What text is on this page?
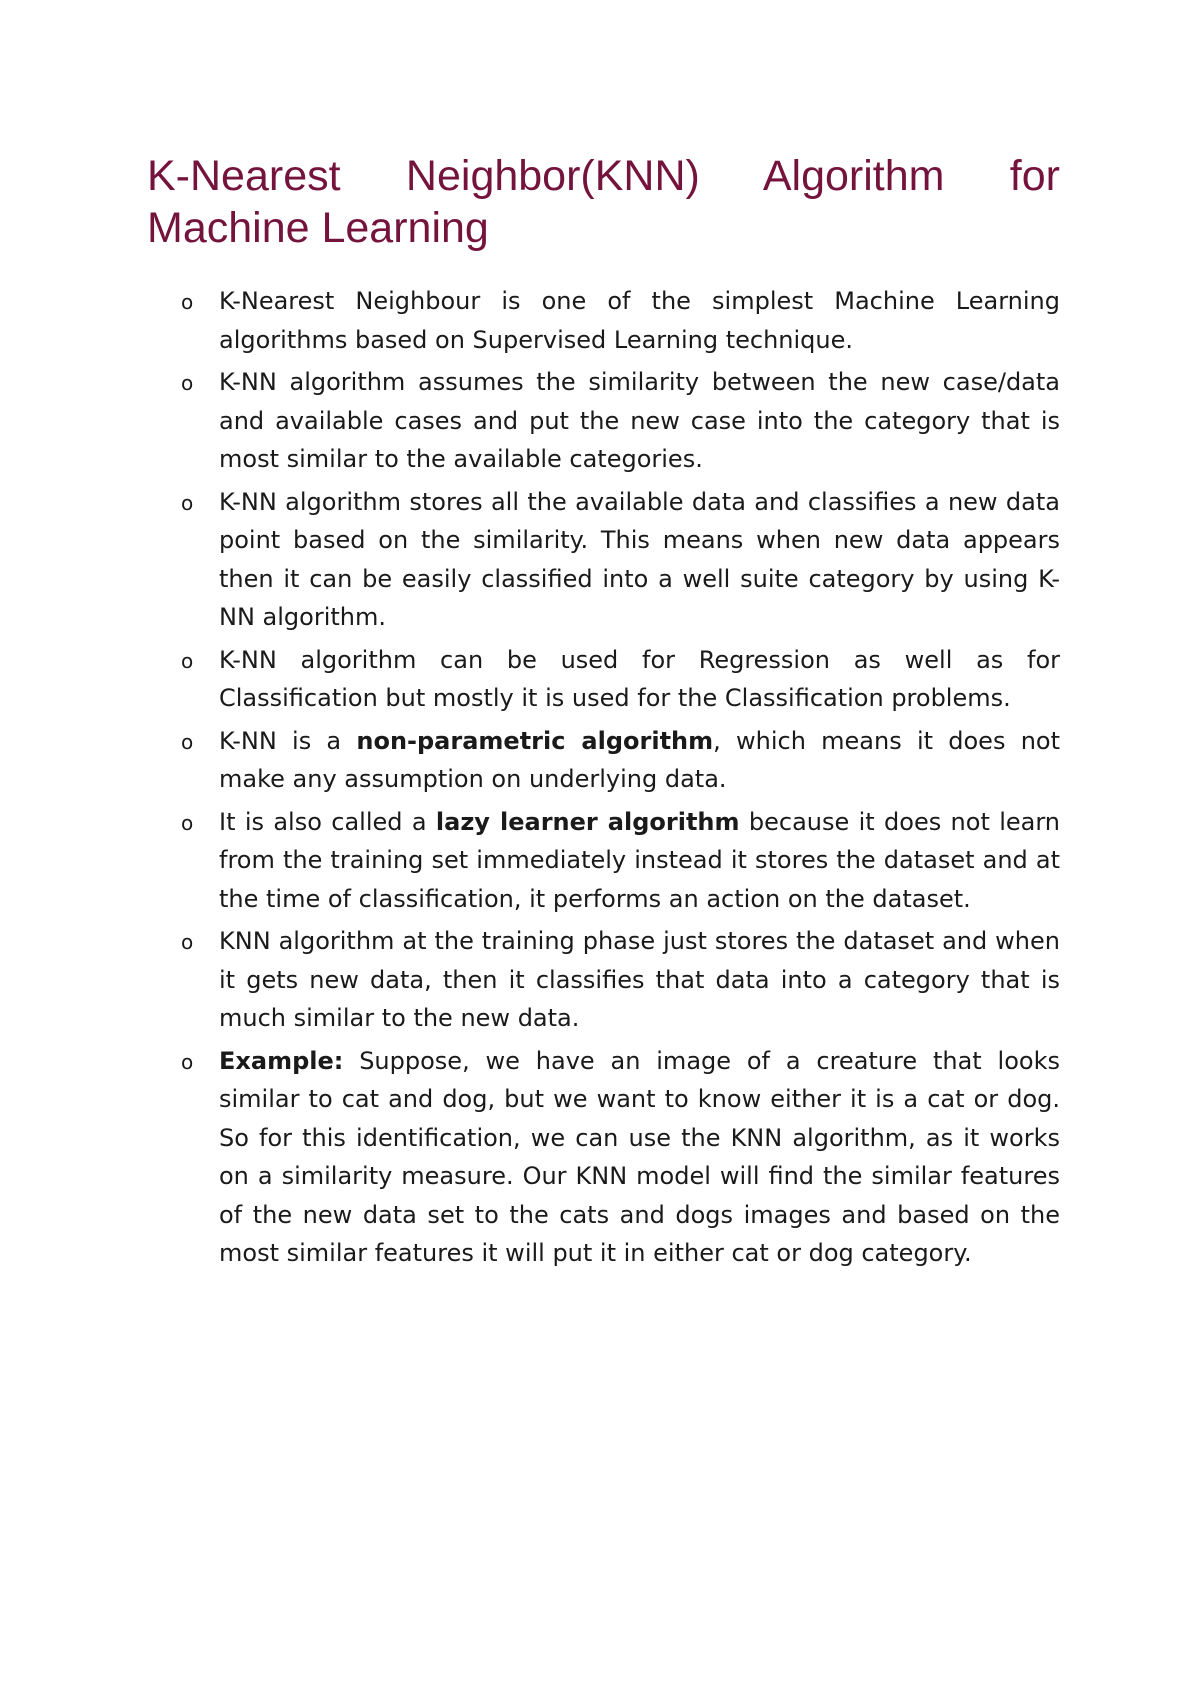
K-Nearest Neighbor(KNN) Algorithm for Machine Learning
o K-Nearest Neighbour is one of the simplest Machine Learning algorithms based on Supervised Learning technique.
o K-NN algorithm assumes the similarity between the new case/data and available cases and put the new case into the category that is most similar to the available categories.
o K-NN algorithm stores all the available data and classifies a new data point based on the similarity. This means when new data appears then it can be easily classified into a well suite category by using K- NN algorithm.
o K-NN algorithm can be used for Regression as well as for Classification but mostly it is used for the Classification problems.
o K-NN is a non-parametric algorithm, which means it does not make any assumption on underlying data.
o It is also called a lazy learner algorithm because it does not learn from the training set immediately instead it stores the dataset and at the time of classification, it performs an action on the dataset.
o KNN algorithm at the training phase just stores the dataset and when it gets new data, then it classifies that data into a category that is much similar to the new data.
o Example: Suppose, we have an image of a creature that looks similar to cat and dog, but we want to know either it is a cat or dog. So for this identification, we can use the KNN algorithm, as it works on a similarity measure. Our KNN model will find the similar features of the new data set to the cats and dogs images and based on the most similar features it will put it in either cat or dog category.
